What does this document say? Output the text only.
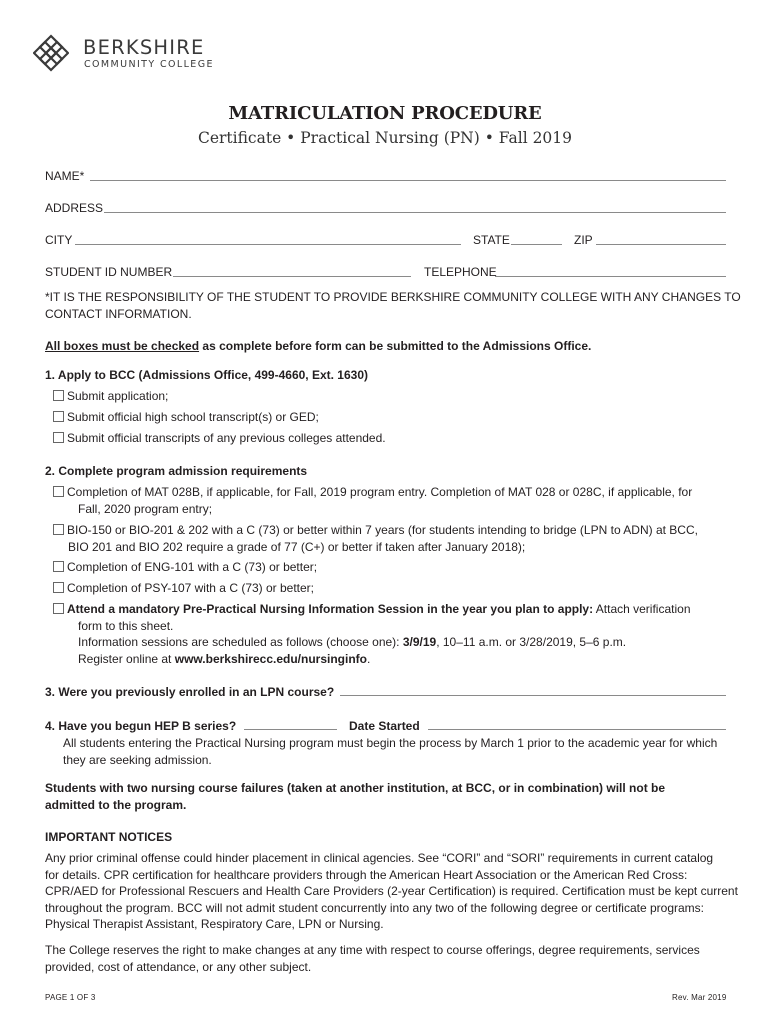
BERKSHIRE
COMMUNITY COLLEGE
MATRICULATION PROCEDURE
Certificate • Practical Nursing (PN) • Fall 2019
NAME*
ADDRESS
CITY	STATE	ZIP
STUDENT ID NUMBER	TELEPHONE
*IT IS THE RESPONSIBILITY OF THE STUDENT TO PROVIDE BERKSHIRE COMMUNITY COLLEGE WITH ANY CHANGES TO
CONTACT INFORMATION.
All boxes must be checked as complete before form can be submitted to the Admissions Office.
1. Apply to BCC (Admissions Office, 499-4660, Ext. 1630)
Submit application;
Submit official high school transcript(s) or GED;
Submit official transcripts of any previous colleges attended.
2. Complete program admission requirements
Completion of MAT 028B, if applicable, for Fall, 2019 program entry. Completion of MAT 028 or 028C, if applicable, for
Fall, 2020 program entry;
BIO-150 or BIO-201 & 202 with a C (73) or better within 7 years (for students intending to bridge (LPN to ADN) at BCC,
BIO 201 and BIO 202 require a grade of 77 (C+) or better if taken after January 2018);
Completion of ENG-101 with a C (73) or better;
Completion of PSY-107 with a C (73) or better;
Attend a mandatory Pre-Practical Nursing Information Session in the year you plan to apply: Attach verification
form to this sheet.
Information sessions are scheduled as follows (choose one): 3/9/19, 10–11 a.m. or 3/28/2019, 5–6 p.m.
Register online at www.berkshirecc.edu/nursinginfo.
3. Were you previously enrolled in an LPN course?
4. Have you begun HEP B series?	Date Started
All students entering the Practical Nursing program must begin the process by March 1 prior to the academic year for which
they are seeking admission.
Students with two nursing course failures (taken at another institution, at BCC, or in combination) will not be
admitted to the program.
IMPORTANT NOTICES
Any prior criminal offense could hinder placement in clinical agencies. See “CORI” and “SORI” requirements in current catalog
for details. CPR certification for healthcare providers through the American Heart Association or the American Red Cross:
CPR/AED for Professional Rescuers and Health Care Providers (2-year Certification) is required. Certification must be kept current
throughout the program. BCC will not admit student concurrently into any two of the following degree or certificate programs:
Physical Therapist Assistant, Respiratory Care, LPN or Nursing.
The College reserves the right to make changes at any time with respect to course offerings, degree requirements, services
provided, cost of attendance, or any other subject.
PAGE 1 OF 3	Rev. Mar 2019
